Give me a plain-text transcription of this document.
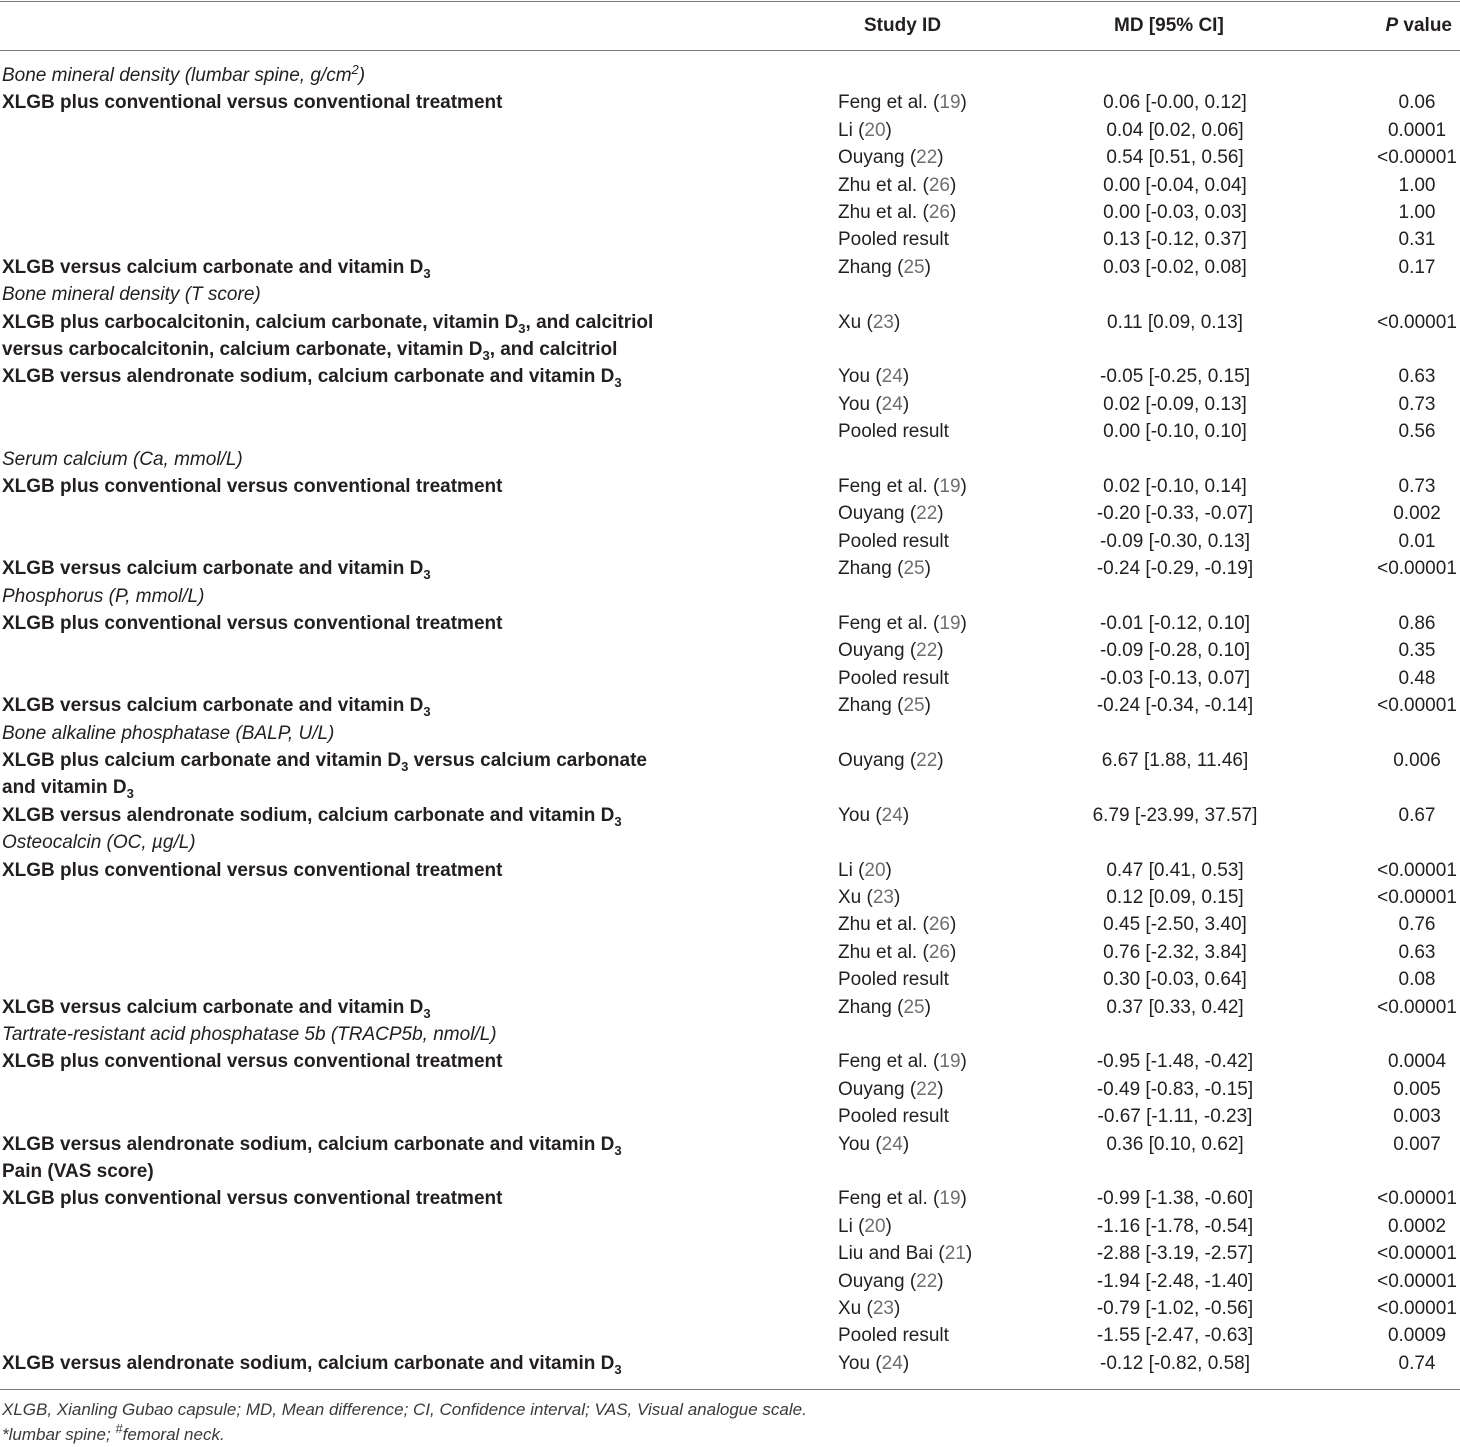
Study ID	MD [95% CI]	P value
Bone mineral density (lumbar spine, $g/cm^2$)
XLGB plus conventional versus conventional treatment	Feng et al. (19)	0.06 [-0.00, 0.12]	0.06
Li (20)	0.04 [0.02, 0.06]	0.0001
Ouyang (22)	0.54 [0.51, 0.56]	<0.00001
Zhu et al. (26)	0.00 [-0.04, 0.04]	1.00
Zhu et al. (26)	0.00 [-0.03, 0.03]	1.00
Pooled result	0.13 [-0.12, 0.37]	0.31
XLGB versus calcium carbonate and vitamin $D_3$	Zhang (25)	0.03 [-0.02, 0.08]	0.17
Bone mineral density (T score)
XLGB plus carbocalcitonin, calcium carbonate, vitamin $D_3$, and calcitriol	Xu (23)	0.11 [0.09, 0.13]	<0.00001
versus carbocalcitonin, calcium carbonate, vitamin $D_3$, and calcitriol
XLGB versus alendronate sodium, calcium carbonate and vitamin $D_3$	You (24)	-0.05 [-0.25, 0.15]	0.63
You (24)	0.02 [-0.09, 0.13]	0.73
Pooled result	0.00 [-0.10, 0.10]	0.56
Serum calcium (Ca, mmol/L)
XLGB plus conventional versus conventional treatment	Feng et al. (19)	0.02 [-0.10, 0.14]	0.73
Ouyang (22)	-0.20 [-0.33, -0.07]	0.002
Pooled result	-0.09 [-0.30, 0.13]	0.01
XLGB versus calcium carbonate and vitamin $D_3$	Zhang (25)	-0.24 [-0.29, -0.19]	<0.00001
Phosphorus (P, mmol/L)
XLGB plus conventional versus conventional treatment	Feng et al. (19)	-0.01 [-0.12, 0.10]	0.86
Ouyang (22)	-0.09 [-0.28, 0.10]	0.35
Pooled result	-0.03 [-0.13, 0.07]	0.48
XLGB versus calcium carbonate and vitamin $D_3$	Zhang (25)	-0.24 [-0.34, -0.14]	<0.00001
Bone alkaline phosphatase (BALP, U/L)
XLGB plus calcium carbonate and vitamin $D_3$ versus calcium carbonate	Ouyang (22)	6.67 [1.88, 11.46]	0.006
and vitamin $D_3$
XLGB versus alendronate sodium, calcium carbonate and vitamin $D_3$	You (24)	6.79 [-23.99, 37.57]	0.67
Osteocalcin (OC, µg/L)
XLGB plus conventional versus conventional treatment	Li (20)	0.47 [0.41, 0.53]	<0.00001
Xu (23)	0.12 [0.09, 0.15]	<0.00001
Zhu et al. (26)	0.45 [-2.50, 3.40]	0.76
Zhu et al. (26)	0.76 [-2.32, 3.84]	0.63
Pooled result	0.30 [-0.03, 0.64]	0.08
XLGB versus calcium carbonate and vitamin $D_3$	Zhang (25)	0.37 [0.33, 0.42]	<0.00001
Tartrate-resistant acid phosphatase 5b (TRACP5b, nmol/L)
XLGB plus conventional versus conventional treatment	Feng et al. (19)	-0.95 [-1.48, -0.42]	0.0004
Ouyang (22)	-0.49 [-0.83, -0.15]	0.005
Pooled result	-0.67 [-1.11, -0.23]	0.003
XLGB versus alendronate sodium, calcium carbonate and vitamin $D_3$	You (24)	0.36 [0.10, 0.62]	0.007
Pain (VAS score)
XLGB plus conventional versus conventional treatment	Feng et al. (19)	-0.99 [-1.38, -0.60]	<0.00001
Li (20)	-1.16 [-1.78, -0.54]	0.0002
Liu and Bai (21)	-2.88 [-3.19, -2.57]	<0.00001
Ouyang (22)	-1.94 [-2.48, -1.40]	<0.00001
Xu (23)	-0.79 [-1.02, -0.56]	<0.00001
Pooled result	-1.55 [-2.47, -0.63]	0.0009
XLGB versus alendronate sodium, calcium carbonate and vitamin $D_3$	You (24)	-0.12 [-0.82, 0.58]	0.74
XLGB, Xianling Gubao capsule; MD, Mean difference; CI, Confidence interval; VAS, Visual analogue scale.
*lumbar spine; #femoral neck.
